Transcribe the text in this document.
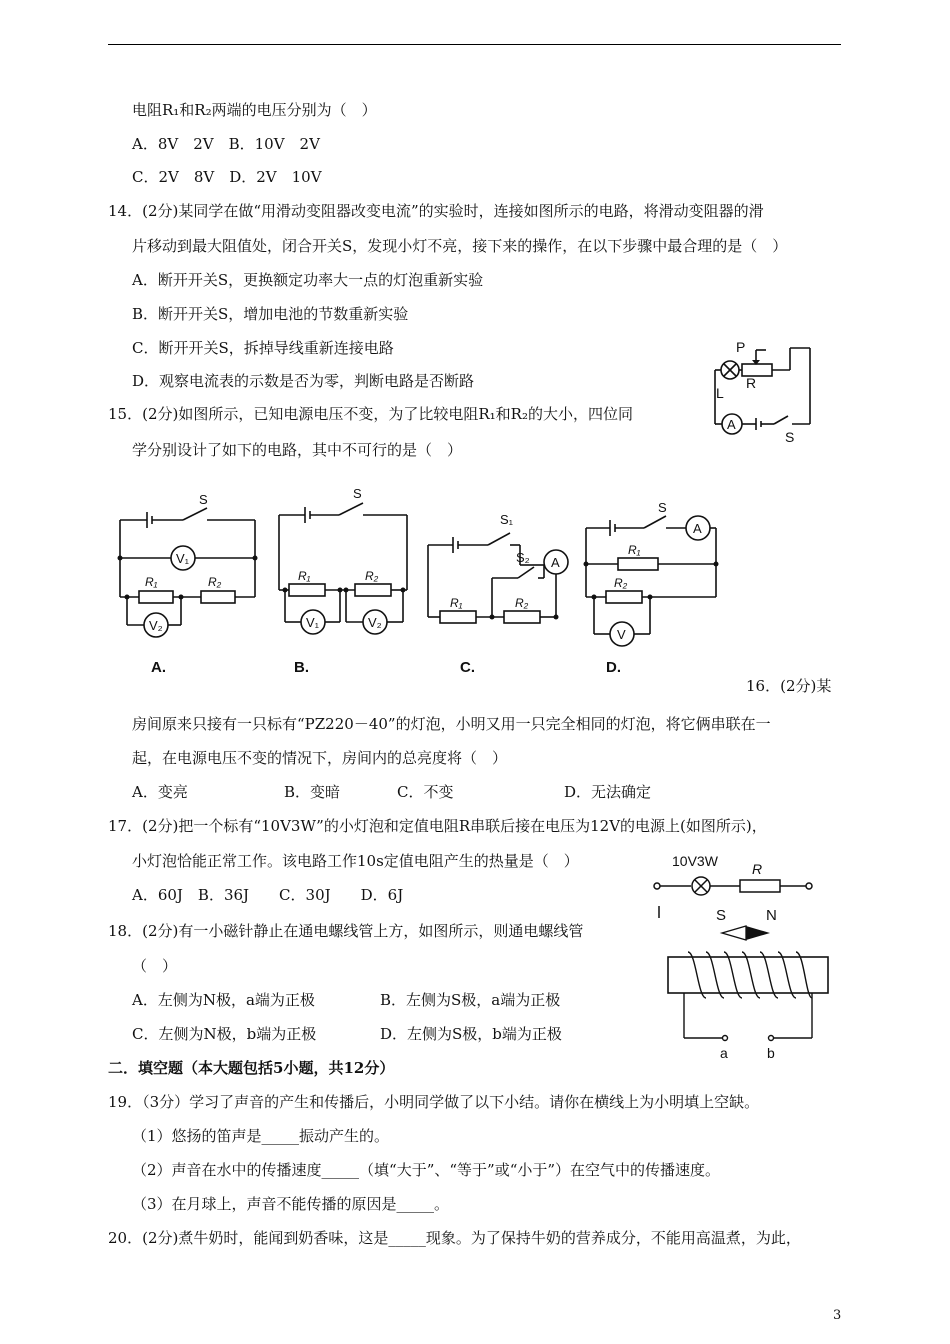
电阻R₁和R₂两端的电压分别为（　）
A．8V　2V　B．10V　2V
C．2V　8V　D．2V　10V
14．(2分)某同学在做“用滑动变阻器改变电流”的实验时，连接如图所示的电路，将滑动变阻器的滑
片移动到最大阻值处，闭合开关S，发现小灯不亮，接下来的操作，在以下步骤中最合理的是（　）
A．断开开关S，更换额定功率大一点的灯泡重新实验
B．断开开关S，增加电池的节数重新实验
C．断开开关S，拆掉导线重新连接电路
D．观察电流表的示数是否为零，判断电路是否断路
P
R
L
A
S
15．(2分)如图所示，已知电源电压不变，为了比较电阻R₁和R₂的大小，四位同
学分别设计了如下的电路，其中不可行的是（　）
S
V₁
R₁	R₂
V₂
A.
S
R₁	R₂
V₁	V₂
B.
S₁
S₂ A
R₁	R₂
C.
S
A
R₁
R₂
V
D.
16．(2分)某
房间原来只接有一只标有“PZ220－40”的灯泡，小明又用一只完全相同的灯泡，将它俩串联在一
起，在电源电压不变的情况下，房间内的总亮度将（　）
A．变亮	B．变暗	C．不变	D．无法确定
17．(2分)把一个标有“10V3W”的小灯泡和定值电阻R串联后接在电压为12V的电源上(如图所示)，
小灯泡恰能正常工作。该电路工作10s定值电阻产生的热量是（　）
A．60J　B．36J　　C．30J　　D．6J
10V3W R
18．(2分)有一小磁针静止在通电螺线管上方，如图所示，则通电螺线管
（　）
A．左侧为N极，a端为正极	B．左侧为S极，a端为正极
C．左侧为N极，b端为正极	D．左侧为S极，b端为正极
S	N
a	b
二．填空题（本大题包括5小题，共12分）
19．（3分）学习了声音的产生和传播后，小明同学做了以下小结。请你在横线上为小明填上空缺。
（1）悠扬的笛声是_____振动产生的。
（2）声音在水中的传播速度_____（填“大于”、“等于”或“小于”）在空气中的传播速度。
（3）在月球上，声音不能传播的原因是_____。
20．(2分)煮牛奶时，能闻到奶香味，这是_____现象。为了保持牛奶的营养成分，不能用高温煮，为此，
3
